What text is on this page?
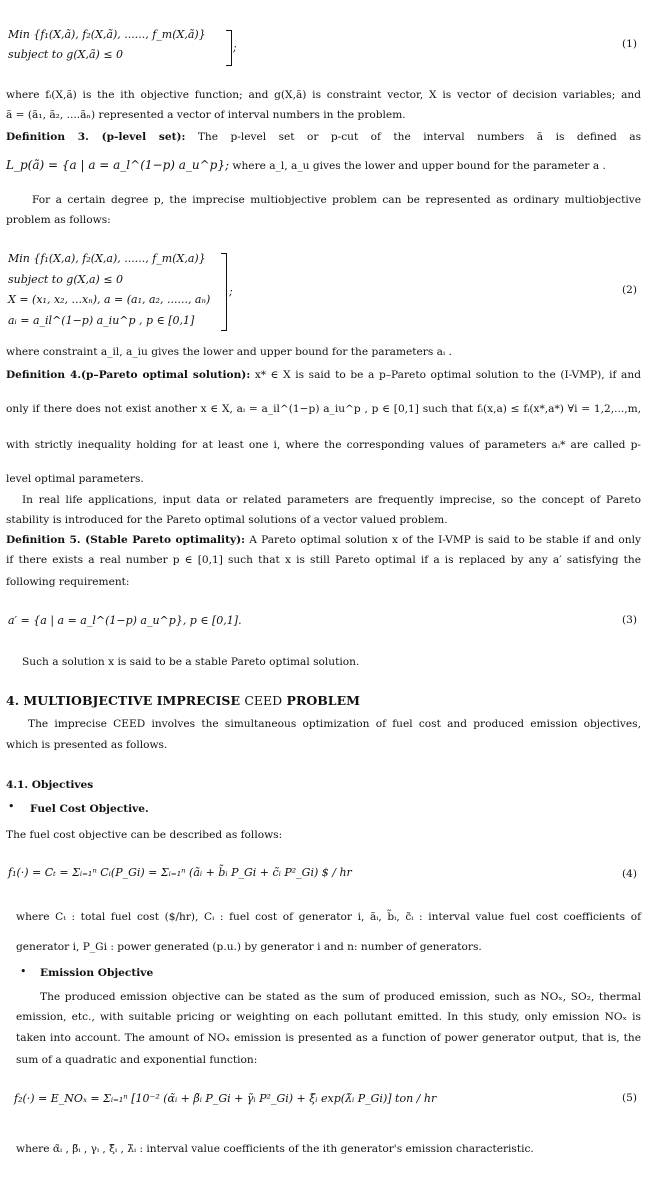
Min {f₁(X,ã), f₂(X,ã), ......, f_m(X,ã)}
subject to g(X,ã) ≤ 0
;	(1)
where fᵢ(X,ã) is the ith objective function; and g(X,ã) is constraint vector, X is vector of decision variables; and
ã = (ã₁, ã₂, ....ãₙ) represented a vector of interval numbers in the problem.
Definition 3. (p-level set): The p-level set or p-cut of the interval numbers ã is defined as
L_p(ã) = {a | a = a_l^(1−p) a_u^p}; where a_l, a_u gives the lower and upper bound for the parameter a .
For a certain degree p, the imprecise multiobjective problem can be represented as ordinary multiobjective
problem as follows:
Min {f₁(X,a), f₂(X,a), ......, f_m(X,a)}
subject to g(X,a) ≤ 0
X = (x₁, x₂, ...xₙ), a = (a₁, a₂, ......, aₙ)
aᵢ = a_il^(1−p) a_iu^p , p ∈ [0,1]
;	(2)
where constraint a_il, a_iu gives the lower and upper bound for the parameters aᵢ .
Definition 4.(p–Pareto optimal solution): x* ∈ X is said to be a p–Pareto optimal solution to the (I-VMP), if and
only if there does not exist another x ∈ X, aᵢ = a_il^(1−p) a_iu^p , p ∈ [0,1] such that fᵢ(x,a) ≤ fᵢ(x*,a*) ∀i = 1,2,...,m,
with strictly inequality holding for at least one i, where the corresponding values of parameters aᵢ* are called p-
level optimal parameters.
In real life applications, input data or related parameters are frequently imprecise, so the concept of Pareto
stability is introduced for the Pareto optimal solutions of a vector valued problem.
Definition 5. (Stable Pareto optimality): A Pareto optimal solution x of the I-VMP is said to be stable if and only
if there exists a real number p ∈ [0,1] such that x is still Pareto optimal if a is replaced by any a′ satisfying the
following requirement:
a′ = {a | a = a_l^(1−p) a_u^p}, p ∈ [0,1].	(3)
Such a solution x is said to be a stable Pareto optimal solution.
4. MULTIOBJECTIVE IMPRECISE CEED PROBLEM
The imprecise CEED involves the simultaneous optimization of fuel cost and produced emission objectives,
which is presented as follows.
4.1. Objectives
• Fuel Cost Objective.
The fuel cost objective can be described as follows:
f₁(·) = Cₜ = Σᵢ₌₁ⁿ Cᵢ(P_Gi) = Σᵢ₌₁ⁿ (ãᵢ + b̃ᵢ P_Gi + c̃ᵢ P²_Gi) $ / hr	(4)
where Cₜ : total fuel cost ($/hr), Cᵢ : fuel cost of generator i, ãᵢ, b̃ᵢ, c̃ᵢ : interval value fuel cost coefficients of
generator i, P_Gi : power generated (p.u.) by generator i and n: number of generators.
• Emission Objective
The produced emission objective can be stated as the sum of produced emission, such as NOₓ, SO₂, thermal
emission, etc., with suitable pricing or weighting on each pollutant emitted. In this study, only emission NOₓ is
taken into account. The amount of NOₓ emission is presented as a function of power generator output, that is, the
sum of a quadratic and exponential function:
f₂(·) = E_NOₓ = Σᵢ₌₁ⁿ [10⁻² (α̃ᵢ + β̃ᵢ P_Gi + γ̃ᵢ P²_Gi) + ξ̃ᵢ exp(λ̃ᵢ P_Gi)] ton / hr	(5)
where α̃ᵢ , β̃ᵢ , γᵢ , ξ̃ᵢ , λ̃ᵢ : interval value coefficients of the ith generator's emission characteristic.
